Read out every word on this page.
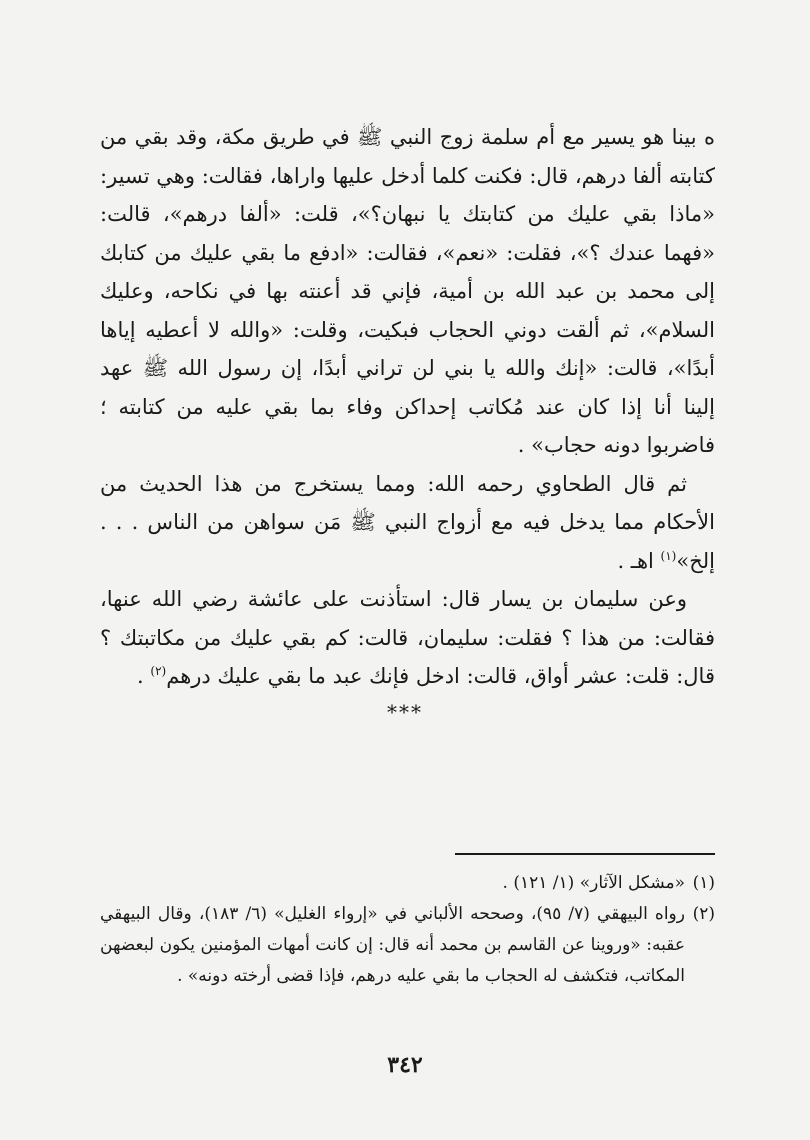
ه بينا هو يسير مع أم سلمة زوج النبي ﷺ في طريق مكة، وقد بقي من كتابته ألفا درهم، قال: فكنت كلما أدخل عليها واراها، فقالت: وهي تسير: «ماذا بقي عليك من كتابتك يا نبهان؟»، قلت: «ألفا درهم»، قالت: «فهما عندك ؟»، فقلت: «نعم»، فقالت: «ادفع ما بقي عليك من كتابك إلى محمد بن عبد الله بن أمية، فإني قد أعنته بها في نكاحه، وعليك السلام»، ثم ألقت دوني الحجاب فبكيت، وقلت: «والله لا أعطيه إياها أبدًا»، قالت: «إنك والله يا بني لن تراني أبدًا، إن رسول الله ﷺ عهد إلينا أنا إذا كان عند مُكاتب إحداكن وفاء بما بقي عليه من كتابته ؛ فاضربوا دونه حجاب» .

ثم قال الطحاوي رحمه الله: ومما يستخرج من هذا الحديث من الأحكام مما يدخل فيه مع أزواج النبي ﷺ مَن سواهن من الناس . . . إلخ»$^{(١)}$ اهـ .

وعن سليمان بن يسار قال: استأذنت على عائشة رضي الله عنها، فقالت: من هذا ؟ فقلت: سليمان، قالت: كم بقي عليك من مكاتبتك ؟ قال: قلت: عشر أواق، قالت: ادخل فإنك عبد ما بقي عليك درهم$^{(٢)}$ .

***

(١)
«مشكل الآثار» (١/ ١٢١) .

(٢)
رواه البيهقي (٧/ ٩٥)، وصححه الألباني في «إرواء الغليل» (٦/ ١٨٣)، وقال البيهقي عقبه: «وروينا عن القاسم بن محمد أنه قال: إن كانت أمهات المؤمنين يكون لبعضهن المكاتب، فتكشف له الحجاب ما بقي عليه درهم، فإذا قضى أرخته دونه» .

٣٤٢
